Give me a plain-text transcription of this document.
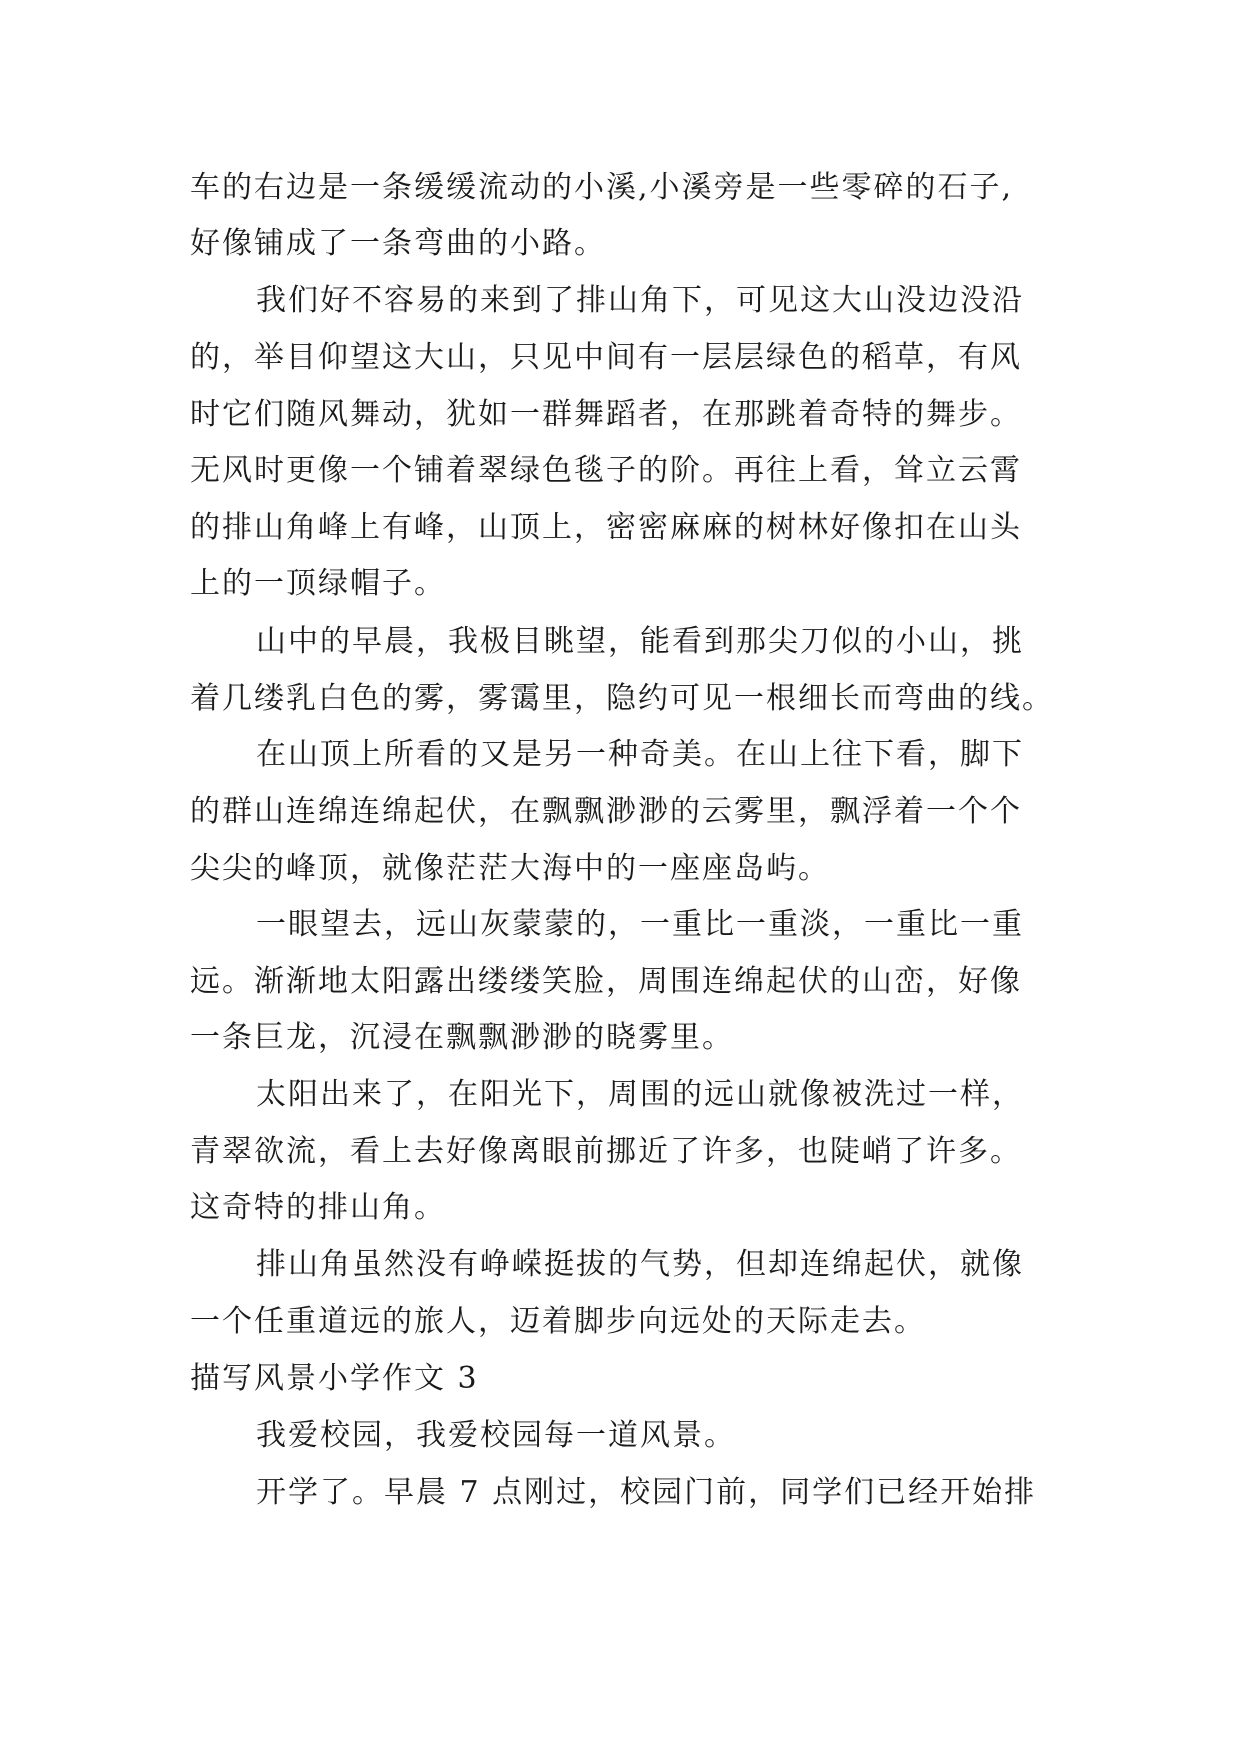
车的右边是一条缓缓流动的小溪,小溪旁是一些零碎的石子,
好像铺成了一条弯曲的小路。
我们好不容易的来到了排山角下，可见这大山没边没沿
的，举目仰望这大山，只见中间有一层层绿色的稻草，有风
时它们随风舞动，犹如一群舞蹈者，在那跳着奇特的舞步。
无风时更像一个铺着翠绿色毯子的阶。再往上看，耸立云霄
的排山角峰上有峰，山顶上，密密麻麻的树林好像扣在山头
上的一顶绿帽子。
山中的早晨，我极目眺望，能看到那尖刀似的小山，挑
着几缕乳白色的雾，雾霭里，隐约可见一根细长而弯曲的线。
在山顶上所看的又是另一种奇美。在山上往下看，脚下
的群山连绵连绵起伏，在飘飘渺渺的云雾里，飘浮着一个个
尖尖的峰顶，就像茫茫大海中的一座座岛屿。
一眼望去，远山灰蒙蒙的，一重比一重淡，一重比一重
远。渐渐地太阳露出缕缕笑脸，周围连绵起伏的山峦，好像
一条巨龙，沉浸在飘飘渺渺的晓雾里。
太阳出来了，在阳光下，周围的远山就像被洗过一样，
青翠欲流，看上去好像离眼前挪近了许多，也陡峭了许多。
这奇特的排山角。
排山角虽然没有峥嵘挺拔的气势，但却连绵起伏，就像
一个任重道远的旅人，迈着脚步向远处的天际走去。
描写风景小学作文 3
我爱校园，我爱校园每一道风景。
开学了。早晨 7 点刚过，校园门前，同学们已经开始排
